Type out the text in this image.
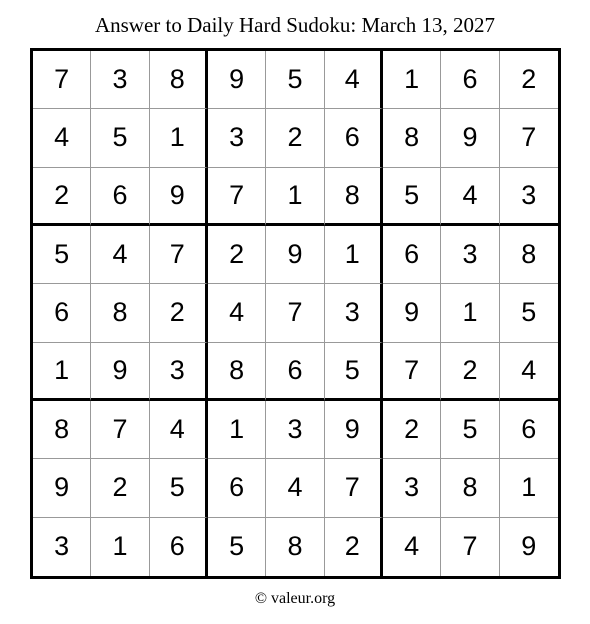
Answer to Daily Hard Sudoku: March 13, 2027
7	3	8	9	5	4	1	6	2
4	5	1	3	2	6	8	9	7
2	6	9	7	1	8	5	4	3
5	4	7	2	9	1	6	3	8
6	8	2	4	7	3	9	1	5
1	9	3	8	6	5	7	2	4
8	7	4	1	3	9	2	5	6
9	2	5	6	4	7	3	8	1
3	1	6	5	8	2	4	7	9
© valeur.org
